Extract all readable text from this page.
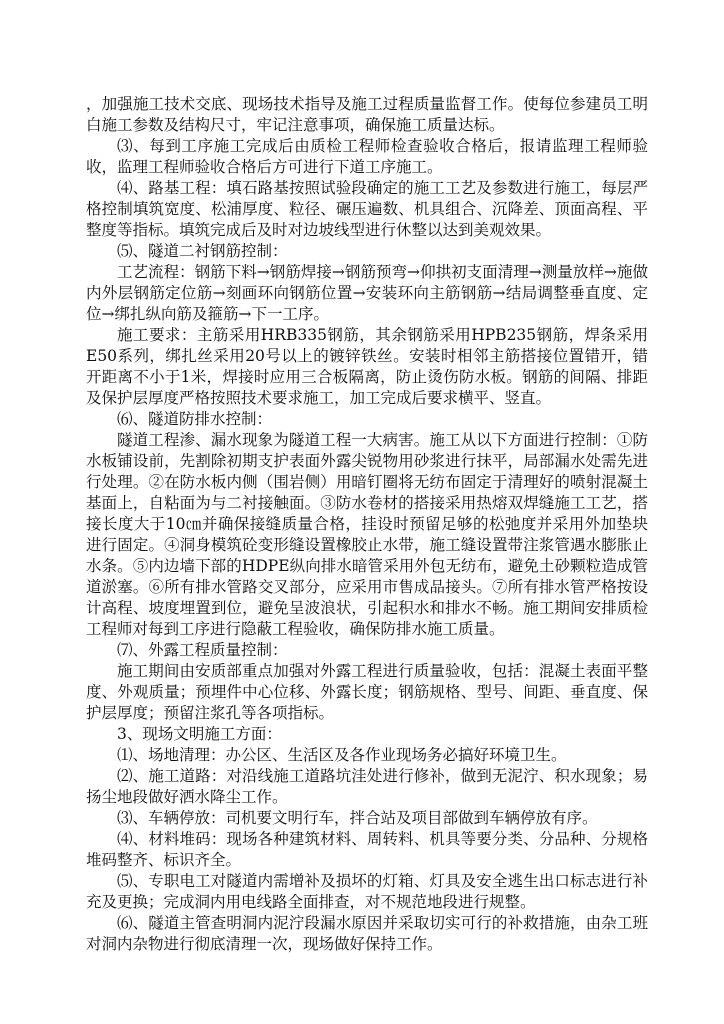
，加强施工技术交底、现场技术指导及施工过程质量监督工作。使每位参建员工明白施工参数及结构尺寸，牢记注意事项，确保施工质量达标。

⑶、每到工序施工完成后由质检工程师检查验收合格后，报请监理工程师验收，监理工程师验收合格后方可进行下道工序施工。

⑷、路基工程：填石路基按照试验段确定的施工工艺及参数进行施工，每层严格控制填筑宽度、松浦厚度、粒径、碾压遍数、机具组合、沉降差、顶面高程、平整度等指标。填筑完成后及时对边坡线型进行休整以达到美观效果。

⑸、隧道二衬钢筋控制：

工艺流程：钢筋下料→钢筋焊接→钢筋预弯→仰拱初支面清理→测量放样→施做内外层钢筋定位筋→刻画环向钢筋位置→安装环向主筋钢筋→结局调整垂直度、定位→绑扎纵向筋及箍筋→下一工序。

施工要求：主筋采用HRB335钢筋，其余钢筋采用HPB235钢筋，焊条采用E50系列，绑扎丝采用20号以上的镀锌铁丝。安装时相邻主筋搭接位置错开，错开距离不小于1米，焊接时应用三合板隔离，防止烫伤防水板。钢筋的间隔、排距及保护层厚度严格按照技术要求施工，加工完成后要求横平、竖直。

⑹、隧道防排水控制：

隧道工程渗、漏水现象为隧道工程一大病害。施工从以下方面进行控制：①防水板铺设前，先割除初期支护表面外露尖锐物用砂浆进行抹平，局部漏水处需先进行处理。②在防水板内侧（围岩侧）用暗钉圈将无纺布固定于清理好的喷射混凝土基面上，自粘面为与二衬接触面。③防水卷材的搭接采用热熔双焊缝施工工艺，搭接长度大于10㎝并确保接缝质量合格，挂设时预留足够的松弛度并采用外加垫块进行固定。④洞身模筑砼变形缝设置橡胶止水带，施工缝设置带注浆管遇水膨胀止水条。⑤内边墙下部的HDPE纵向排水暗管采用外包无纺布，避免土砂颗粒造成管道淤塞。⑥所有排水管路交叉部分，应采用市售成品接头。⑦所有排水管严格按设计高程、坡度埋置到位，避免呈波浪状，引起积水和排水不畅。施工期间安排质检工程师对每到工序进行隐蔽工程验收，确保防排水施工质量。

⑺、外露工程质量控制：

施工期间由安质部重点加强对外露工程进行质量验收，包括：混凝土表面平整度、外观质量；预埋件中心位移、外露长度；钢筋规格、型号、间距、垂直度、保护层厚度；预留注浆孔等各项指标。

3、现场文明施工方面：

⑴、场地清理：办公区、生活区及各作业现场务必搞好环境卫生。

⑵、施工道路：对沿线施工道路坑洼处进行修补，做到无泥泞、积水现象；易扬尘地段做好洒水降尘工作。

⑶、车辆停放：司机要文明行车，拌合站及项目部做到车辆停放有序。

⑷、材料堆码：现场各种建筑材料、周转料、机具等要分类、分品种、分规格堆码整齐、标识齐全。

⑸、专职电工对隧道内需增补及损坏的灯箱、灯具及安全逃生出口标志进行补充及更换；完成洞内用电线路全面排查，对不规范地段进行规整。

⑹、隧道主管查明洞内泥泞段漏水原因并采取切实可行的补救措施，由杂工班对洞内杂物进行彻底清理一次，现场做好保持工作。
